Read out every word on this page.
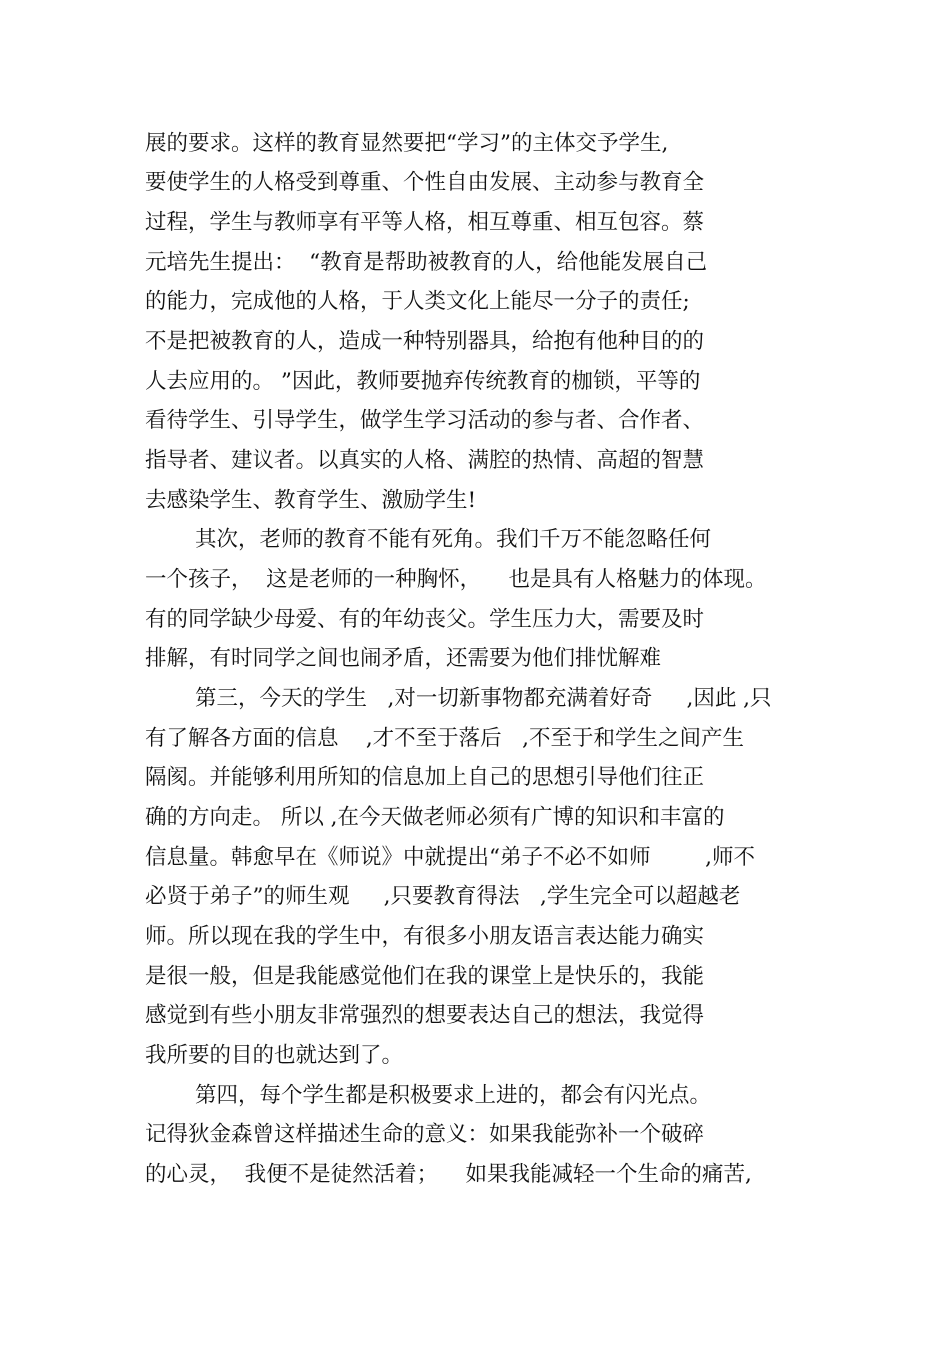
展的要求。这样的教育显然要把“学习”的主体交予学生,
要使学生的人格受到尊重、个性自由发展、主动参与教育全
过程，学生与教师享有平等人格，相互尊重、相互包容。蔡
元培先生提出：  “教育是帮助被教育的人，给他能发展自己
的能力，完成他的人格，于人类文化上能尽一分子的责任;
不是把被教育的人，造成一种特别器具，给抱有他种目的的
人去应用的。 ”因此，教师要抛弃传统教育的枷锁，平等的
看待学生、引导学生，做学生学习活动的参与者、合作者、
指导者、建议者。以真实的人格、满腔的热情、高超的智慧
去感染学生、教育学生、激励学生!
其次，老师的教育不能有死角。我们千万不能忽略任何
一个孩子，  这是老师的一种胸怀，    也是具有人格魅力的体现。
有的同学缺少母爱、有的年幼丧父。学生压力大，需要及时
排解，有时同学之间也闹矛盾，还需要为他们排忧解难
第三，今天的学生   ,对一切新事物都充满着好奇     ,因此 ,只
有了解各方面的信息    ,才不至于落后   ,不至于和学生之间产生
隔阂。并能够利用所知的信息加上自己的思想引导他们往正
确的方向走。 所以 ,在今天做老师必须有广博的知识和丰富的
信息量。韩愈早在《师说》中就提出“弟子不必不如师        ,师不
必贤于弟子”的师生观     ,只要教育得法   ,学生完全可以超越老
师。所以现在我的学生中，有很多小朋友语言表达能力确实
是很一般，但是我能感觉他们在我的课堂上是快乐的，我能
感觉到有些小朋友非常强烈的想要表达自己的想法，我觉得
我所要的目的也就达到了。
第四，每个学生都是积极要求上进的，都会有闪光点。
记得狄金森曾这样描述生命的意义：如果我能弥补一个破碎
的心灵，  我便不是徒然活着；    如果我能减轻一个生命的痛苦,
